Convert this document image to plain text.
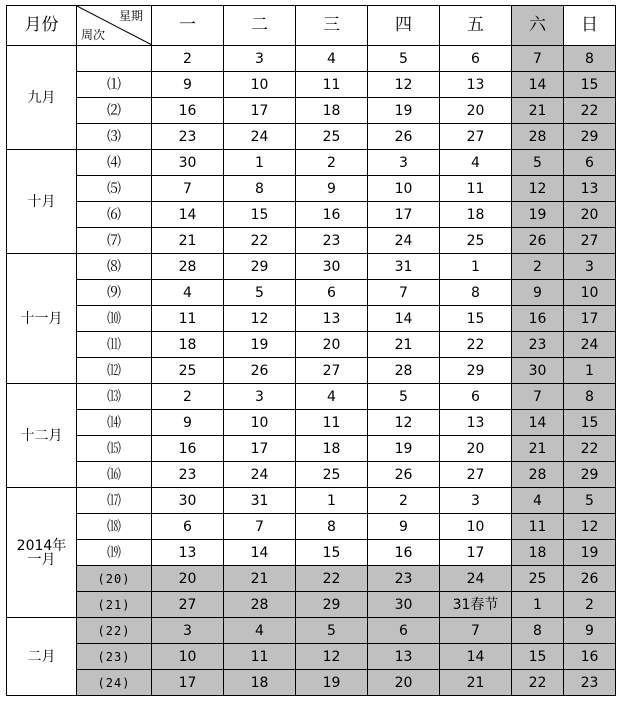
月份	星期
周次	一	二	三	四	五	六	日
九月		2	3	4	5	6	7	8
	⑴	9	10	11	12	13	14	15
	⑵	16	17	18	19	20	21	22
	⑶	23	24	25	26	27	28	29
十月	⑷	30	1	2	3	4	5	6
	⑸	7	8	9	10	11	12	13
	⑹	14	15	16	17	18	19	20
	⑺	21	22	23	24	25	26	27
十一月	⑻	28	29	30	31	1	2	3
	⑼	4	5	6	7	8	9	10
	⑽	11	12	13	14	15	16	17
	⑾	18	19	20	21	22	23	24
	⑿	25	26	27	28	29	30	1
十二月	⒀	2	3	4	5	6	7	8
	⒁	9	10	11	12	13	14	15
	⒂	16	17	18	19	20	21	22
	⒃	23	24	25	26	27	28	29

2014年
一月	⒄	30	31	1	2	3	4	5
	⒅	6	7	8	9	10	11	12
	⒆	13	14	15	16	17	18	19
	(20)	20	21	22	23	24	25	26
	(21)	27	28	29	30	31春节	1	2
二月	(22)	3	4	5	6	7	8	9
	(23)	10	11	12	13	14	15	16
	(24)	17	18	19	20	21	22	23
